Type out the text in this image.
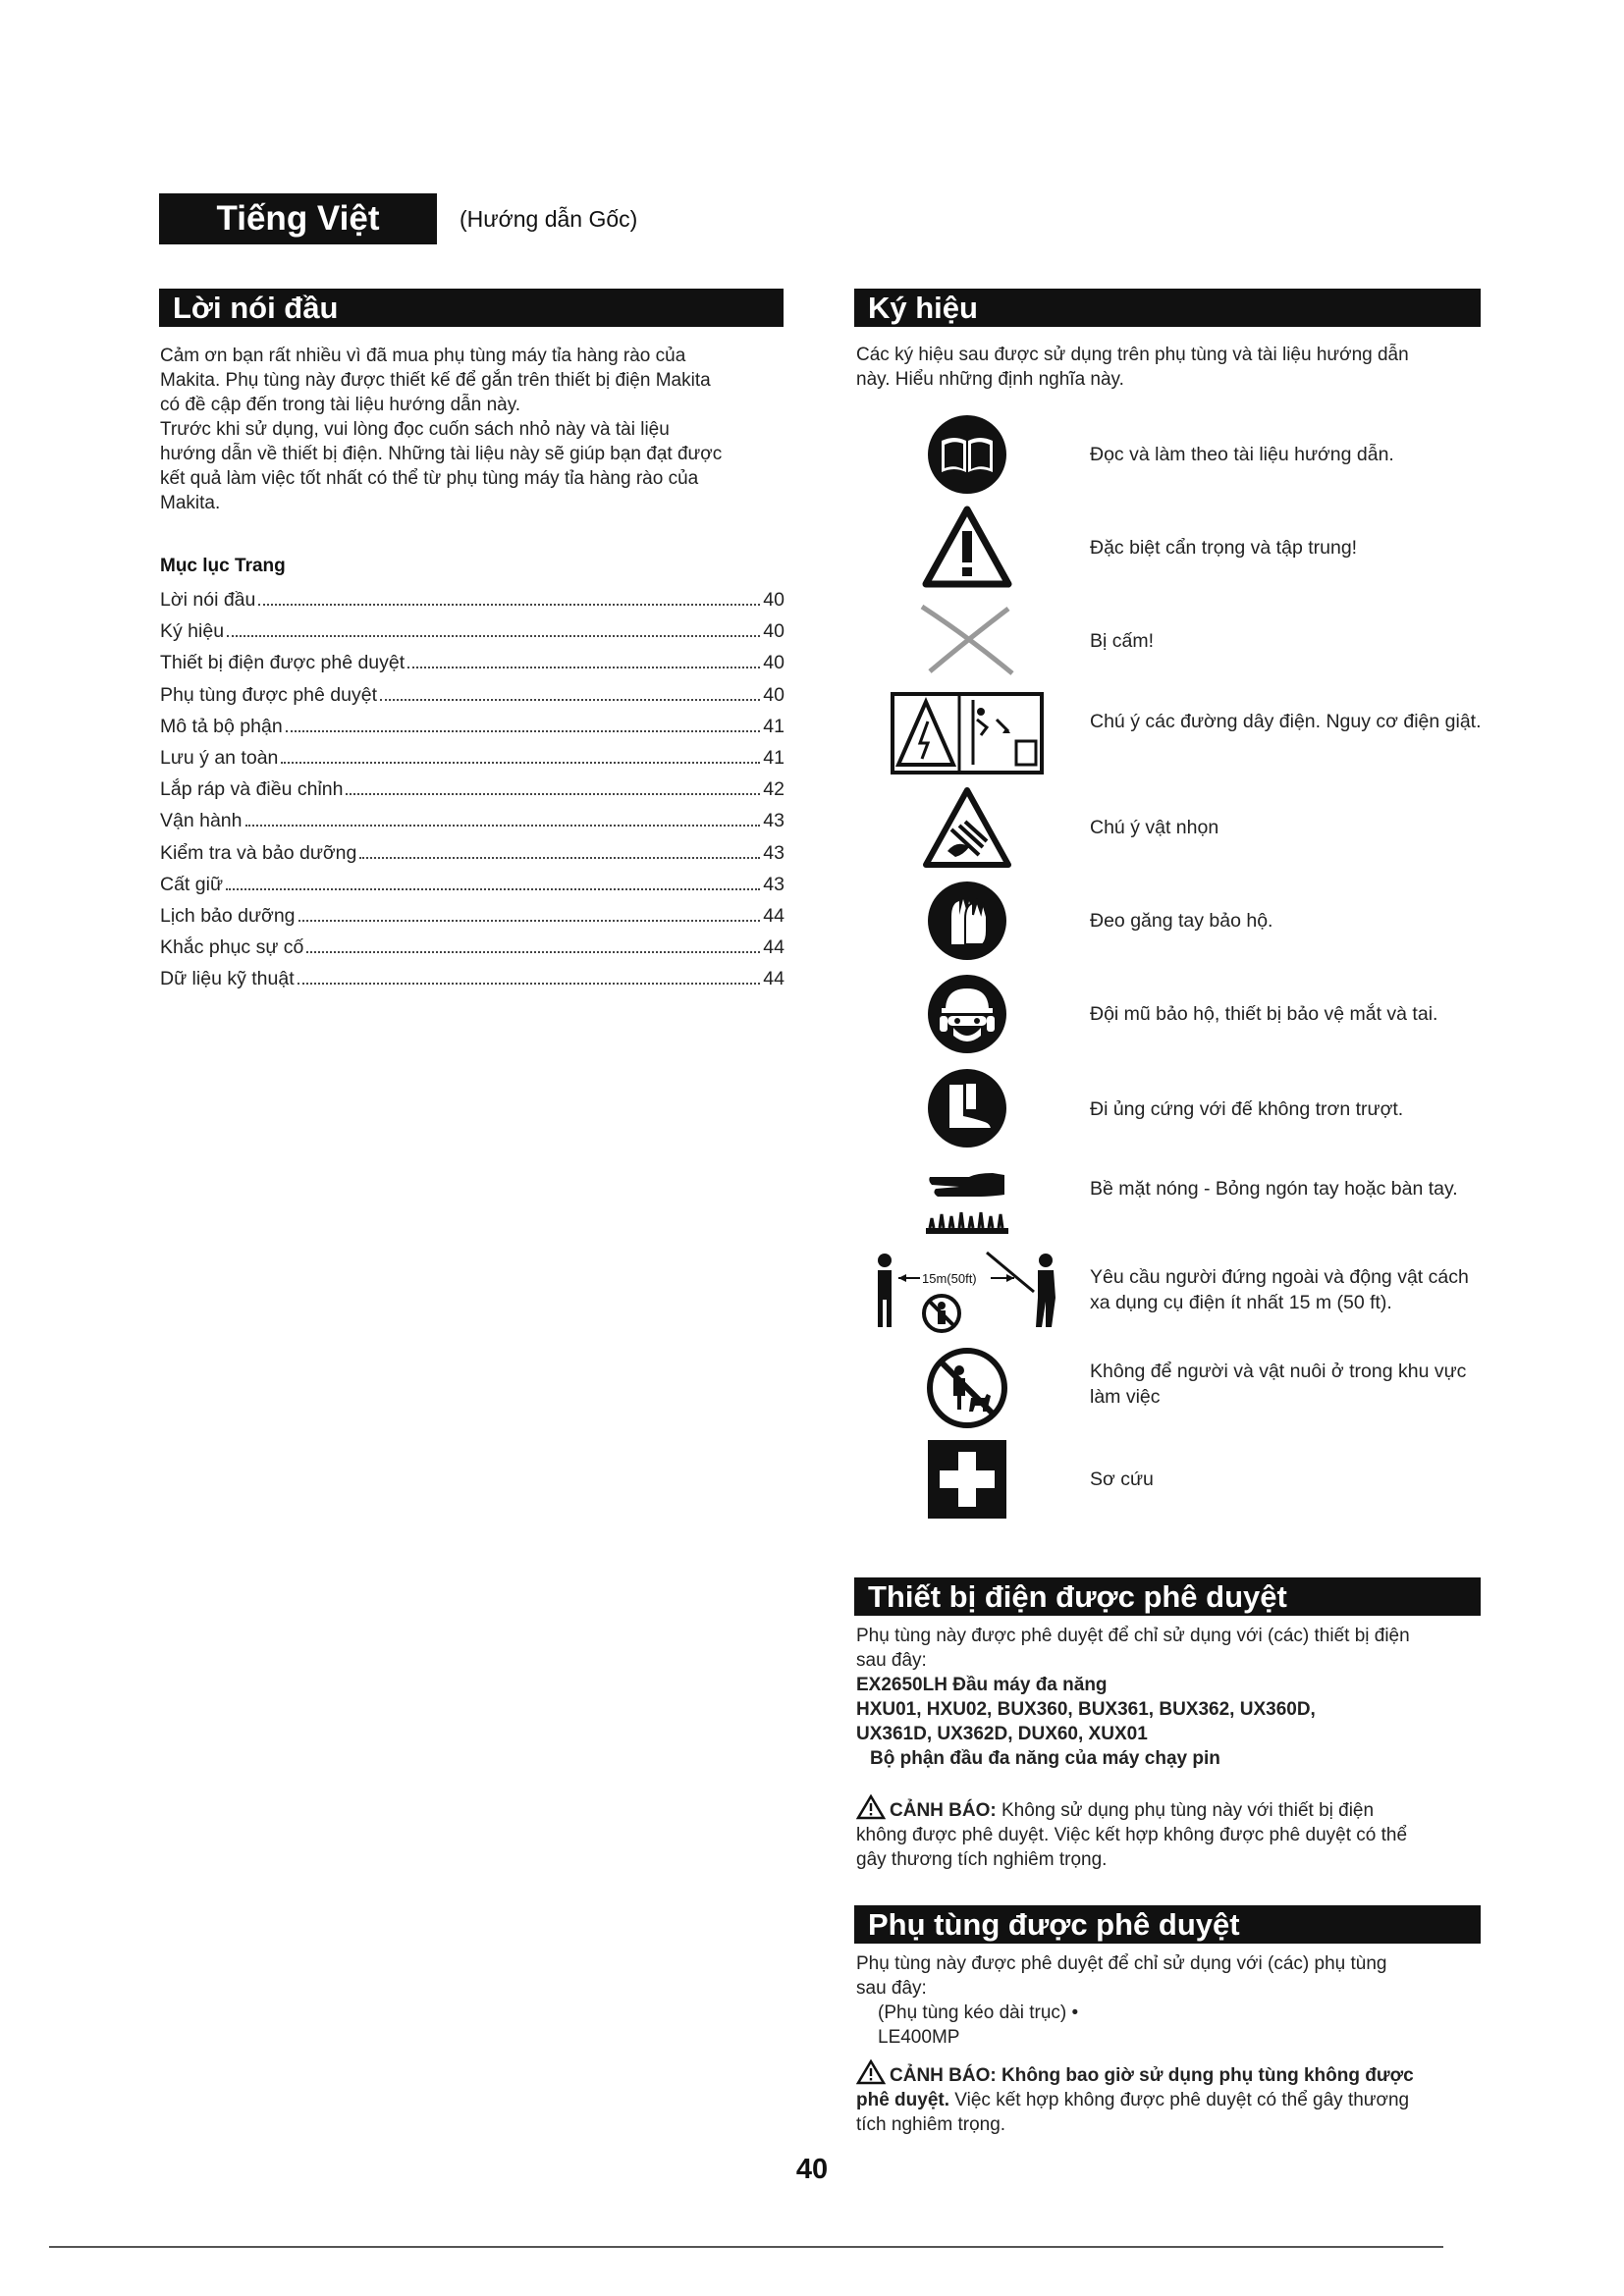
Tiếng Việt	(Hướng dẫn Gốc)
Lời nói đầu
Cảm ơn bạn rất nhiều vì đã mua phụ tùng máy tỉa hàng rào của
Makita. Phụ tùng này được thiết kế để gắn trên thiết bị điện Makita
có đề cập đến trong tài liệu hướng dẫn này.
Trước khi sử dụng, vui lòng đọc cuốn sách nhỏ này và tài liệu
hướng dẫn về thiết bị điện. Những tài liệu này sẽ giúp bạn đạt được
kết quả làm việc tốt nhất có thể từ phụ tùng máy tỉa hàng rào của
Makita.
Mục lục Trang
Lời nói đầu	40
Ký hiệu	40
Thiết bị điện được phê duyệt	40
Phụ tùng được phê duyệt	40
Mô tả bộ phận	41
Lưu ý an toàn	41
Lắp ráp và điều chỉnh	42
Vận hành	43
Kiểm tra và bảo dưỡng	43
Cất giữ	43
Lịch bảo dưỡng	44
Khắc phục sự cố	44
Dữ liệu kỹ thuật	44
Ký hiệu
Các ký hiệu sau được sử dụng trên phụ tùng và tài liệu hướng dẫn
này. Hiểu những định nghĩa này.
Đọc và làm theo tài liệu hướng dẫn.
Đặc biệt cẩn trọng và tập trung!
Bị cấm!
Chú ý các đường dây điện. Nguy cơ điện giật.
Chú ý vật nhọn
Đeo găng tay bảo hộ.
Đội mũ bảo hộ, thiết bị bảo vệ mắt và tai.
Đi ủng cứng với đế không trơn trượt.
Bề mặt nóng - Bỏng ngón tay hoặc bàn tay.
15m(50ft)	Yêu cầu người đứng ngoài và động vật cách xa dụng cụ điện ít nhất 15 m (50 ft).
Không để người và vật nuôi ở trong khu vực làm việc
Sơ cứu
Thiết bị điện được phê duyệt
Phụ tùng này được phê duyệt để chỉ sử dụng với (các) thiết bị điện
sau đây:
EX2650LH Đầu máy đa năng
HXU01, HXU02, BUX360, BUX361, BUX362, UX360D,
UX361D, UX362D, DUX60, XUX01
Bộ phận đầu đa năng của máy chạy pin
CẢNH BÁO: Không sử dụng phụ tùng này với thiết bị điện
không được phê duyệt. Việc kết hợp không được phê duyệt có thể
gây thương tích nghiêm trọng.
Phụ tùng được phê duyệt
Phụ tùng này được phê duyệt để chỉ sử dụng với (các) phụ tùng
sau đây:
(Phụ tùng kéo dài trục) •
LE400MP
CẢNH BÁO: Không bao giờ sử dụng phụ tùng không được
phê duyệt. Việc kết hợp không được phê duyệt có thể gây thương
tích nghiêm trọng.
40
